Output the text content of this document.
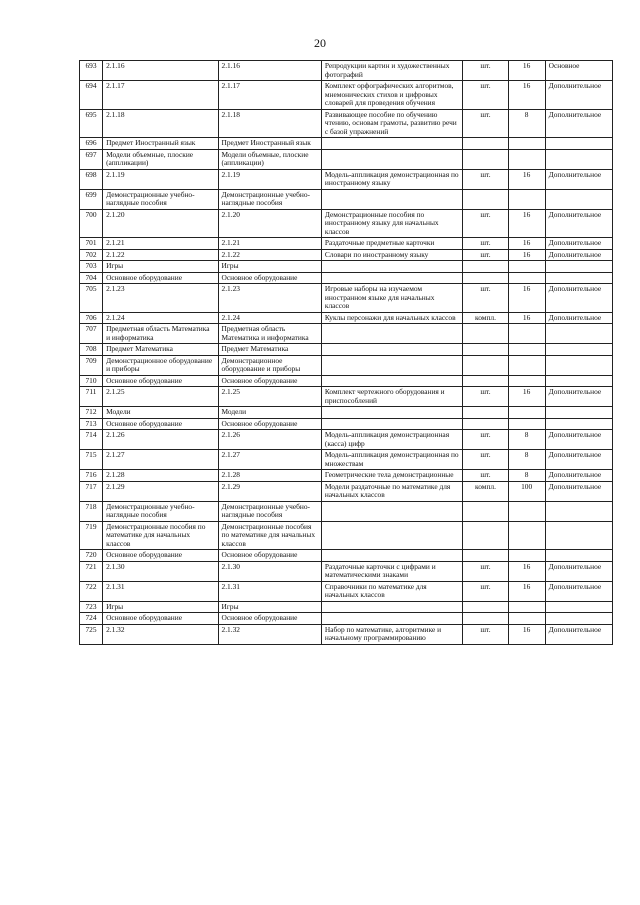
20
693	2.1.16	2.1.16	Репродукции картин и художественных фотографий	шт.	16	Основное
694	2.1.17	2.1.17	Комплект орфографических алгоритмов, мнемонических стихов и цифровых словарей для проведения обучения	шт.	16	Дополнительное
695	2.1.18	2.1.18	Развивающее пособие по обучению чтению, основам грамоты, развитию речи с базой упражнений	шт.	8	Дополнительное
696	Предмет Иностранный язык	Предмет Иностранный язык				
697	Модели объемные, плоские (аппликации)	Модели объемные, плоские (аппликации)				
698	2.1.19	2.1.19	Модель-аппликация демонстрационная по иностранному языку	шт.	16	Дополнительное
699	Демонстрационные учебно-наглядные пособия	Демонстрационные учебно-наглядные пособия				
700	2.1.20	2.1.20	Демонстрационные пособия по иностранному языку для начальных классов	шт.	16	Дополнительное
701	2.1.21	2.1.21	Раздаточные предметные карточки	шт.	16	Дополнительное
702	2.1.22	2.1.22	Словари по иностранному языку	шт.	16	Дополнительное
703	Игры	Игры				
704	Основное оборудование	Основное оборудование				
705	2.1.23	2.1.23	Игровые наборы на изучаемом иностранном языке для начальных классов	шт.	16	Дополнительное
706	2.1.24	2.1.24	Куклы персонажи для начальных классов	компл.	16	Дополнительное
707	Предметная область Математика и информатика	Предметная область Математика и информатика				
708	Предмет Математика	Предмет Математика				
709	Демонстрационное оборудование и приборы	Демонстрационное оборудование и приборы				
710	Основное оборудование	Основное оборудование				
711	2.1.25	2.1.25	Комплект чертежного оборудования и приспособлений	шт.	16	Дополнительное
712	Модели	Модели				
713	Основное оборудование	Основное оборудование				
714	2.1.26	2.1.26	Модель-аппликация демонстрационная (касса) цифр	шт.	8	Дополнительное
715	2.1.27	2.1.27	Модель-аппликация демонстрационная по множествам	шт.	8	Дополнительное
716	2.1.28	2.1.28	Геометрические тела демонстрационные	шт.	8	Дополнительное
717	2.1.29	2.1.29	Модели раздаточные по математике для начальных классов	компл.	100	Дополнительное
718	Демонстрационные учебно-наглядные пособия	Демонстрационные учебно-наглядные пособия				
719	Демонстрационные пособия по математике для начальных классов	Демонстрационные пособия по математике для начальных классов				
720	Основное оборудование	Основное оборудование				
721	2.1.30	2.1.30	Раздаточные карточки с цифрами и математическими знаками	шт.	16	Дополнительное
722	2.1.31	2.1.31	Справочники по математике для начальных классов	шт.	16	Дополнительное
723	Игры	Игры				
724	Основное оборудование	Основное оборудование				
725	2.1.32	2.1.32	Набор по математике, алгоритмике и начальному программированию	шт.	16	Дополнительное
